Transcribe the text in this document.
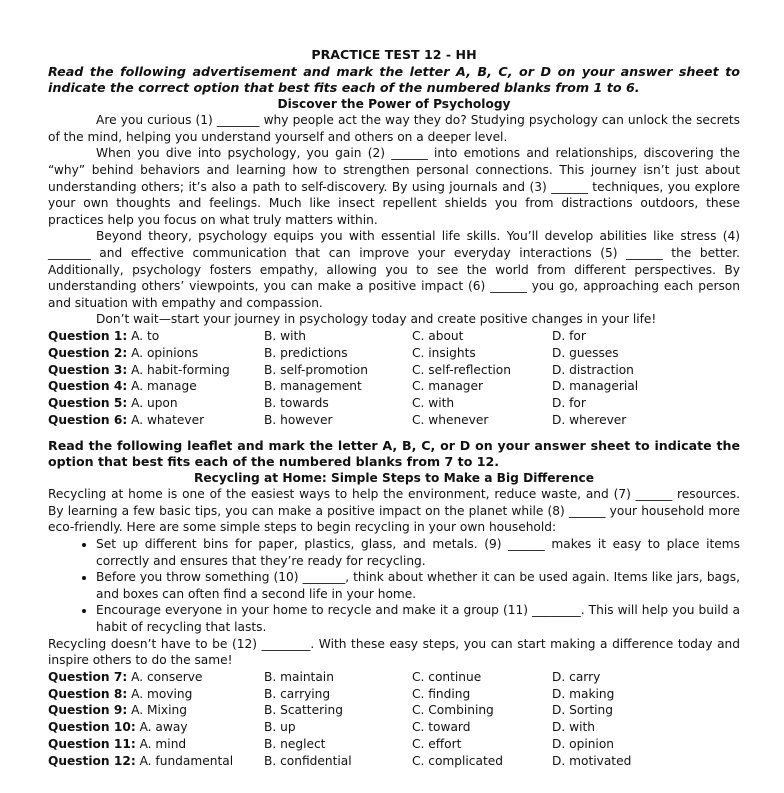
PRACTICE TEST 12 - HH
Read the following advertisement and mark the letter A, B, C, or D on your answer sheet to indicate the correct option that best fits each of the numbered blanks from 1 to 6.
Discover the Power of Psychology

Are you curious (1) _______ why people act the way they do? Studying psychology can unlock the secrets of the mind, helping you understand yourself and others on a deeper level.

When you dive into psychology, you gain (2) ______ into emotions and relationships, discovering the “why” behind behaviors and learning how to strengthen personal connections. This journey isn’t just about understanding others; it’s also a path to self-discovery. By using journals and (3) ______ techniques, you explore your own thoughts and feelings. Much like insect repellent shields you from distractions outdoors, these practices help you focus on what truly matters within.

Beyond theory, psychology equips you with essential life skills. You’ll develop abilities like stress (4) _______ and effective communication that can improve your everyday interactions (5) ______ the better. Additionally, psychology fosters empathy, allowing you to see the world from different perspectives. By understanding others’ viewpoints, you can make a positive impact (6) ______ you go, approaching each person and situation with empathy and compassion.

Don’t wait—start your journey in psychology today and create positive changes in your life!

Question 1: A. to	B. with	C. about	D. for
Question 2: A. opinions	B. predictions	C. insights	D. guesses
Question 3: A. habit-forming	B. self-promotion	C. self-reflection	D. distraction
Question 4: A. manage	B. management	C. manager	D. managerial
Question 5: A. upon	B. towards	C. with	D. for
Question 6: A. whatever	B. however	C. whenever	D. wherever
Read the following leaflet and mark the letter A, B, C, or D on your answer sheet to indicate the option that best fits each of the numbered blanks from 7 to 12.
Recycling at Home: Simple Steps to Make a Big Difference

Recycling at home is one of the easiest ways to help the environment, reduce waste, and (7) ______ resources. By learning a few basic tips, you can make a positive impact on the planet while (8) ______ your household more eco-friendly. Here are some simple steps to begin recycling in your own household:

• Set up different bins for paper, plastics, glass, and metals. (9) ______ makes it easy to place items correctly and ensures that they’re ready for recycling.
• Before you throw something (10) _______, think about whether it can be used again. Items like jars, bags, and boxes can often find a second life in your home.
• Encourage everyone in your home to recycle and make it a group (11) ________. This will help you build a habit of recycling that lasts.

Recycling doesn’t have to be (12) ________. With these easy steps, you can start making a difference today and inspire others to do the same!

Question 7: A. conserve	B. maintain	C. continue	D. carry
Question 8: A. moving	B. carrying	C. finding	D. making
Question 9: A. Mixing	B. Scattering	C. Combining	D. Sorting
Question 10: A. away	B. up	C. toward	D. with
Question 11: A. mind	B. neglect	C. effort	D. opinion
Question 12: A. fundamental	B. confidential	C. complicated	D. motivated
